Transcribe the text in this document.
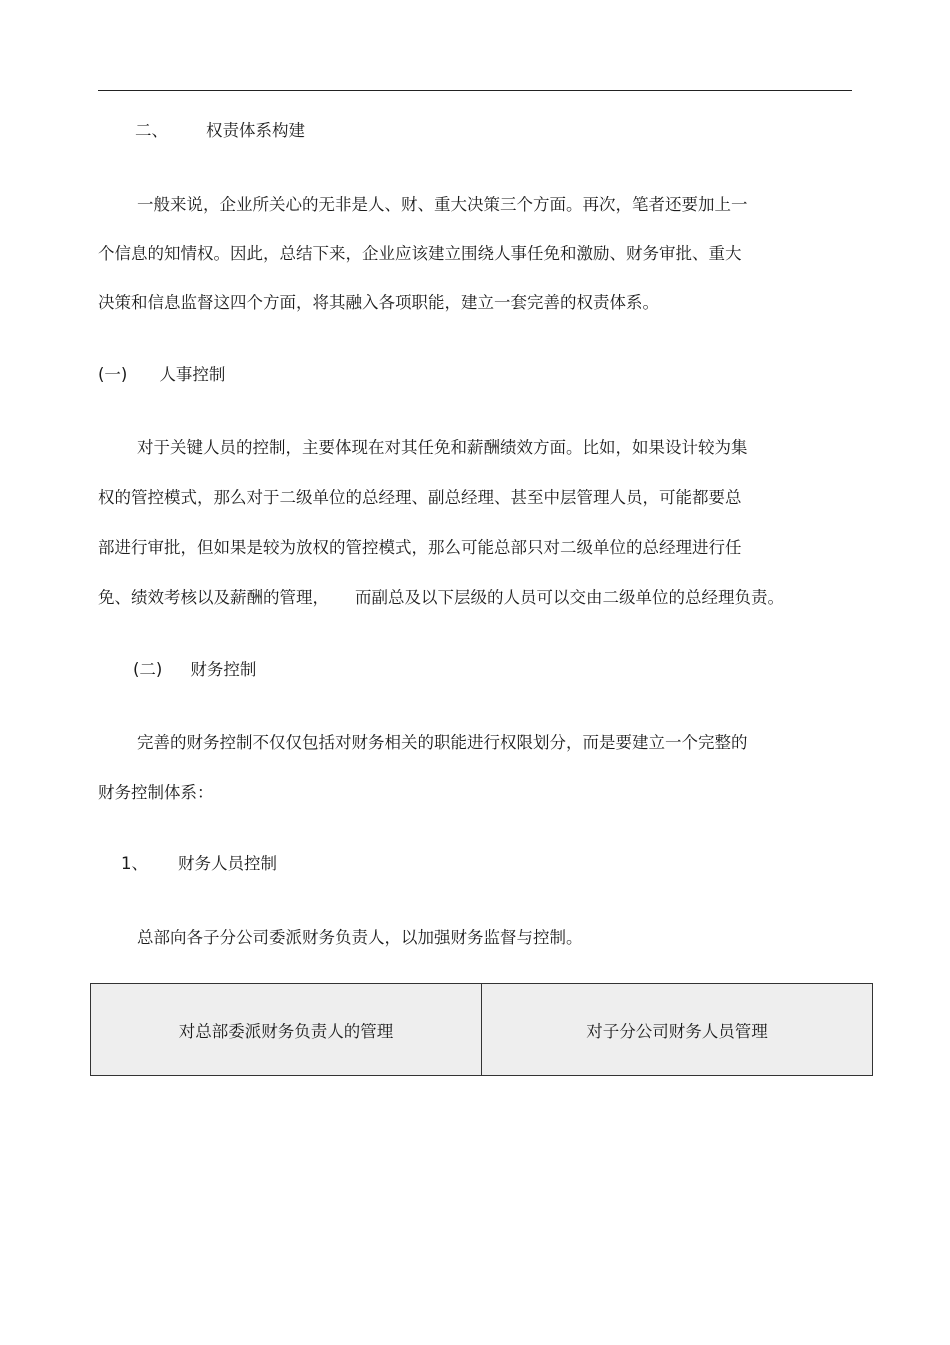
二、 权责体系构建
一般来说，企业所关心的无非是人、财、重大决策三个方面。再次，笔者还要加上一
个信息的知情权。因此，总结下来，企业应该建立围绕人事任免和激励、财务审批、重大
决策和信息监督这四个方面，将其融入各项职能，建立一套完善的权责体系。
(一) 人事控制
对于关键人员的控制，主要体现在对其任免和薪酬绩效方面。比如，如果设计较为集
权的管控模式，那么对于二级单位的总经理、副总经理、甚至中层管理人员，可能都要总
部进行审批，但如果是较为放权的管控模式，那么可能总部只对二级单位的总经理进行任
免、绩效考核以及薪酬的管理， 而副总及以下层级的人员可以交由二级单位的总经理负责。
(二) 财务控制
完善的财务控制不仅仅包括对财务相关的职能进行权限划分，而是要建立一个完整的
财务控制体系：
1、 财务人员控制
总部向各子分公司委派财务负责人，以加强财务监督与控制。
对总部委派财务负责人的管理	对子分公司财务人员管理
